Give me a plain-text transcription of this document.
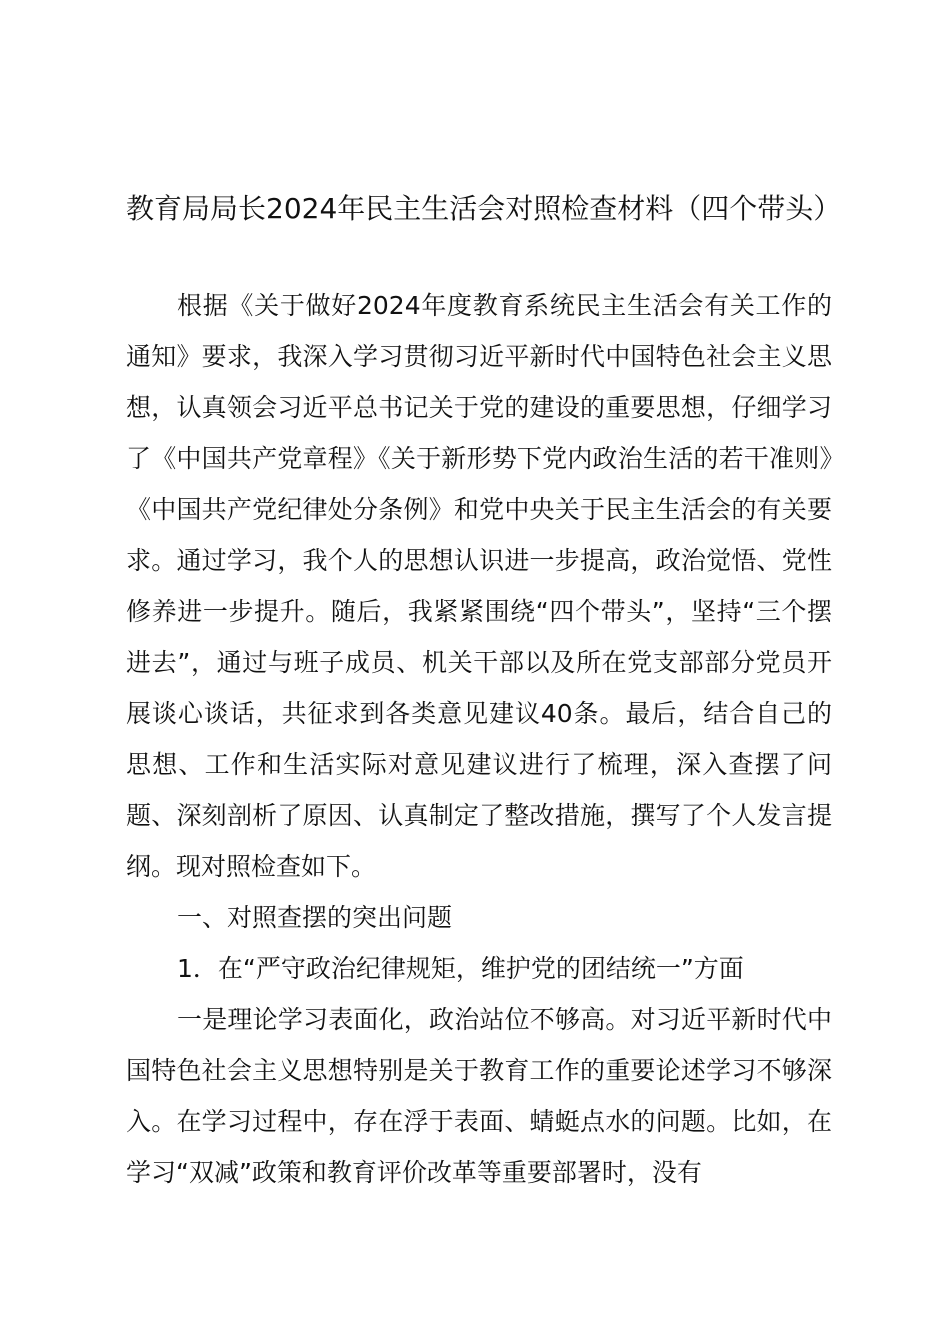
教育局局长2024年民主生活会对照检查材料（四个带头）

根据《关于做好2024年度教育系统民主生活会有关工作的通知》要求，我深入学习贯彻习近平新时代中国特色社会主义思想，认真领会习近平总书记关于党的建设的重要思想，仔细学习了《中国共产党章程》《关于新形势下党内政治生活的若干准则》《中国共产党纪律处分条例》和党中央关于民主生活会的有关要求。通过学习，我个人的思想认识进一步提高，政治觉悟、党性修养进一步提升。随后，我紧紧围绕“四个带头”，坚持“三个摆进去”，通过与班子成员、机关干部以及所在党支部部分党员开展谈心谈话，共征求到各类意见建议40条。最后，结合自己的思想、工作和生活实际对意见建议进行了梳理，深入查摆了问题、深刻剖析了原因、认真制定了整改措施，撰写了个人发言提纲。现对照检查如下。

一、对照查摆的突出问题

1．在“严守政治纪律规矩，维护党的团结统一”方面

一是理论学习表面化，政治站位不够高。对习近平新时代中国特色社会主义思想特别是关于教育工作的重要论述学习不够深入。在学习过程中，存在浮于表面、蜻蜓点水的问题。比如，在学习“双减”政策和教育评价改革等重要部署时，没有
